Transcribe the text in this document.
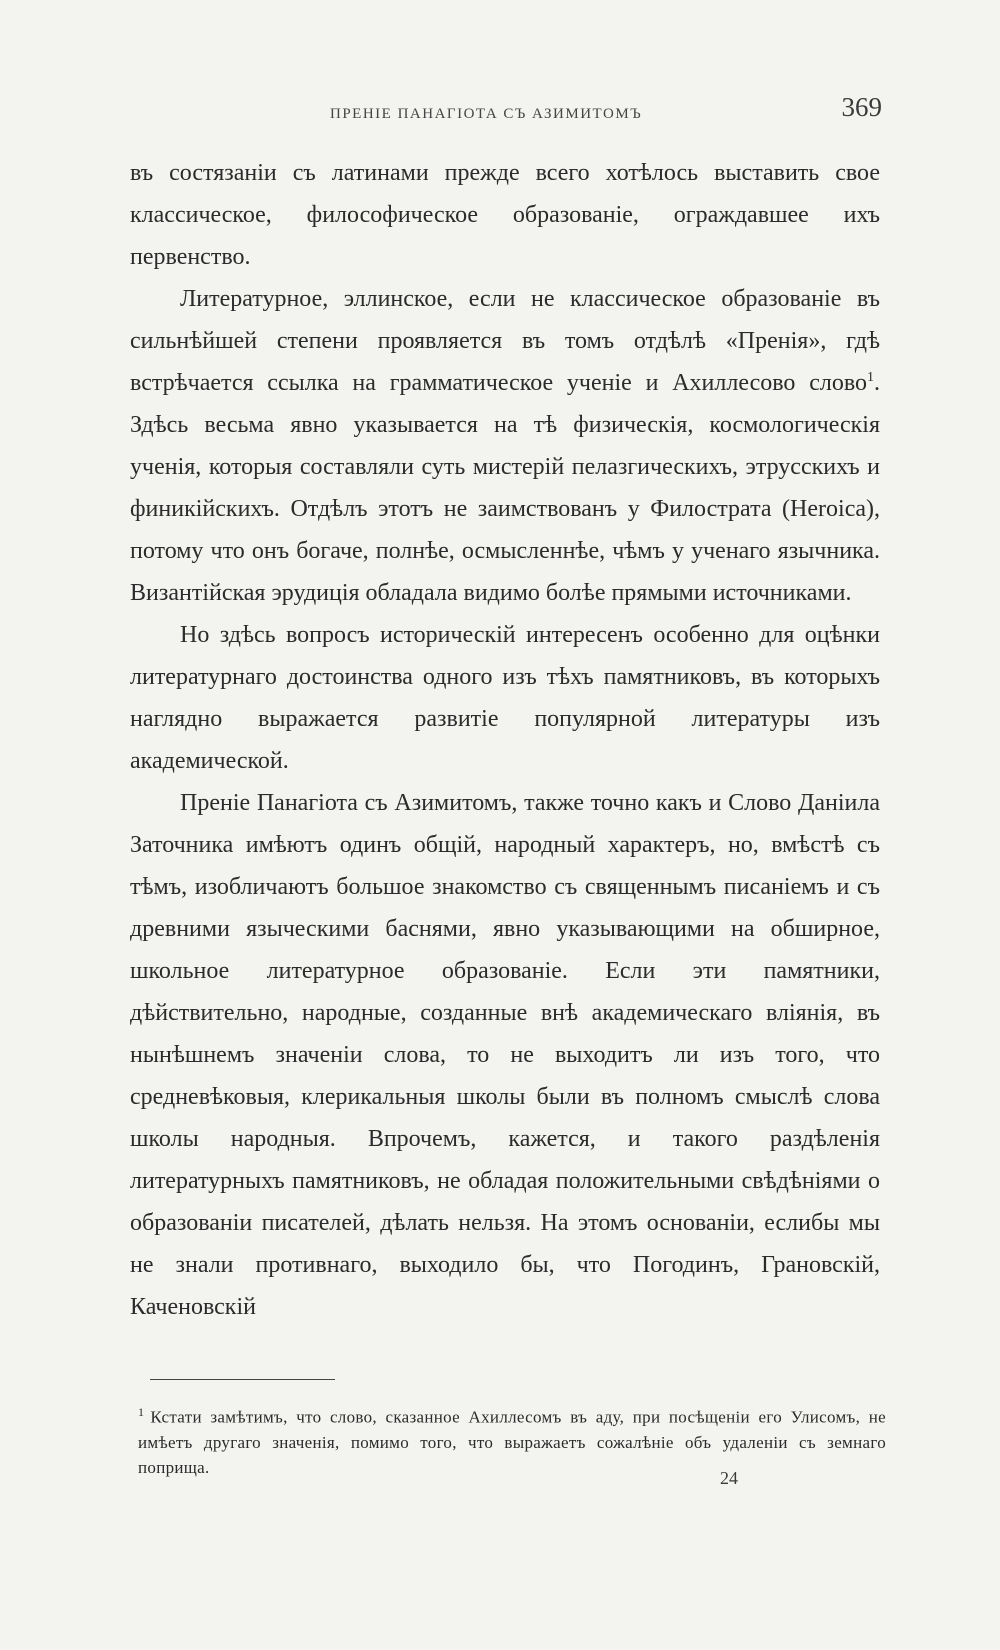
ПРЕНІЕ ПАНАГІОТА СЪ АЗИМИТОМЪ	369

въ состязаніи съ латинами прежде всего хотѣлось выставить свое классическое, философическое образованіе, ограждавшее ихъ первенство.

Литературное, эллинское, если не классическое образованіе въ сильнѣйшей степени проявляется въ томъ отдѣлѣ «Пренія», гдѣ встрѣчается ссылка на грамматическое ученіе и Ахиллесово слово$^1$. Здѣсь весьма явно указывается на тѣ физическія, космологическія ученія, которыя составляли суть мистерій пелазгическихъ, этрусскихъ и финикійскихъ. Отдѣлъ этотъ не заимствованъ у Филострата (Heroica), потому что онъ богаче, полнѣе, осмысленнѣе, чѣмъ у ученаго язычника. Византійская эрудиція обладала видимо болѣе прямыми источниками.

Но здѣсь вопросъ историческій интересенъ особенно для оцѣнки литературнаго достоинства одного изъ тѣхъ памятниковъ, въ которыхъ наглядно выражается развитіе популярной литературы изъ академической.

Преніе Панагіота съ Азимитомъ, также точно какъ и Слово Даніила Заточника имѣютъ одинъ общій, народный характеръ, но, вмѣстѣ съ тѣмъ, изобличаютъ большое знакомство съ священнымъ писаніемъ и съ древними языческими баснями, явно указывающими на обширное, школьное литературное образованіе. Если эти памятники, дѣйствительно, народные, созданные внѣ академическаго вліянія, въ нынѣшнемъ значеніи слова, то не выходитъ ли изъ того, что средневѣковыя, клерикальныя школы были въ полномъ смыслѣ слова школы народныя. Впрочемъ, кажется, и такого раздѣленія литературныхъ памятниковъ, не обладая положительными свѣдѣніями о образованіи писателей, дѣлать нельзя. На этомъ основаніи, еслибы мы не знали противнаго, выходило бы, что Погодинъ, Грановскій, Каченовскій

$^1$ Кстати замѣтимъ, что слово, сказанное Ахиллесомъ въ аду, при посѣщеніи его Улисомъ, не имѣетъ другаго значенія, помимо того, что выражаетъ сожалѣніе объ удаленіи съ земнаго поприща.
24
